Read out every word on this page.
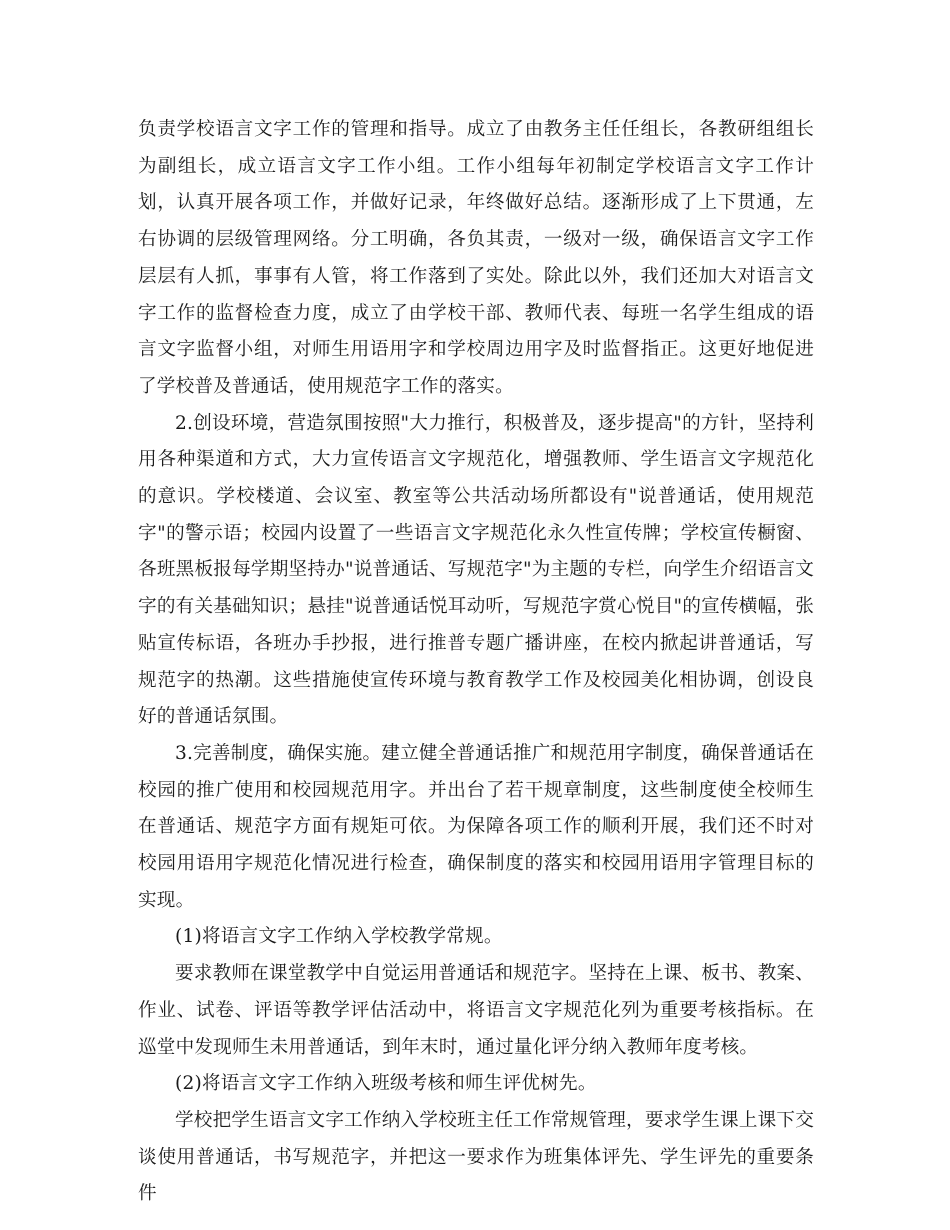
负责学校语言文字工作的管理和指导。成立了由教务主任任组长，各教研组组长为副组长，成立语言文字工作小组。工作小组每年初制定学校语言文字工作计划，认真开展各项工作，并做好记录，年终做好总结。逐渐形成了上下贯通，左右协调的层级管理网络。分工明确，各负其责，一级对一级，确保语言文字工作层层有人抓，事事有人管，将工作落到了实处。除此以外，我们还加大对语言文字工作的监督检查力度，成立了由学校干部、教师代表、每班一名学生组成的语言文字监督小组，对师生用语用字和学校周边用字及时监督指正。这更好地促进了学校普及普通话，使用规范字工作的落实。

2.创设环境，营造氛围按照"大力推行，积极普及，逐步提高"的方针，坚持利用各种渠道和方式，大力宣传语言文字规范化，增强教师、学生语言文字规范化的意识。学校楼道、会议室、教室等公共活动场所都设有"说普通话，使用规范字"的警示语；校园内设置了一些语言文字规范化永久性宣传牌；学校宣传橱窗、各班黑板报每学期坚持办"说普通话、写规范字"为主题的专栏，向学生介绍语言文字的有关基础知识；悬挂"说普通话悦耳动听，写规范字赏心悦目"的宣传横幅，张贴宣传标语，各班办手抄报，进行推普专题广播讲座，在校内掀起讲普通话，写规范字的热潮。这些措施使宣传环境与教育教学工作及校园美化相协调，创设良好的普通话氛围。

3.完善制度，确保实施。建立健全普通话推广和规范用字制度，确保普通话在校园的推广使用和校园规范用字。并出台了若干规章制度，这些制度使全校师生在普通话、规范字方面有规矩可依。为保障各项工作的顺利开展，我们还不时对校园用语用字规范化情况进行检查，确保制度的落实和校园用语用字管理目标的实现。

(1)将语言文字工作纳入学校教学常规。

要求教师在课堂教学中自觉运用普通话和规范字。坚持在上课、板书、教案、作业、试卷、评语等教学评估活动中，将语言文字规范化列为重要考核指标。在巡堂中发现师生未用普通话，到年末时，通过量化评分纳入教师年度考核。

(2)将语言文字工作纳入班级考核和师生评优树先。

学校把学生语言文字工作纳入学校班主任工作常规管理，要求学生课上课下交谈使用普通话，书写规范字，并把这一要求作为班集体评先、学生评先的重要条件
